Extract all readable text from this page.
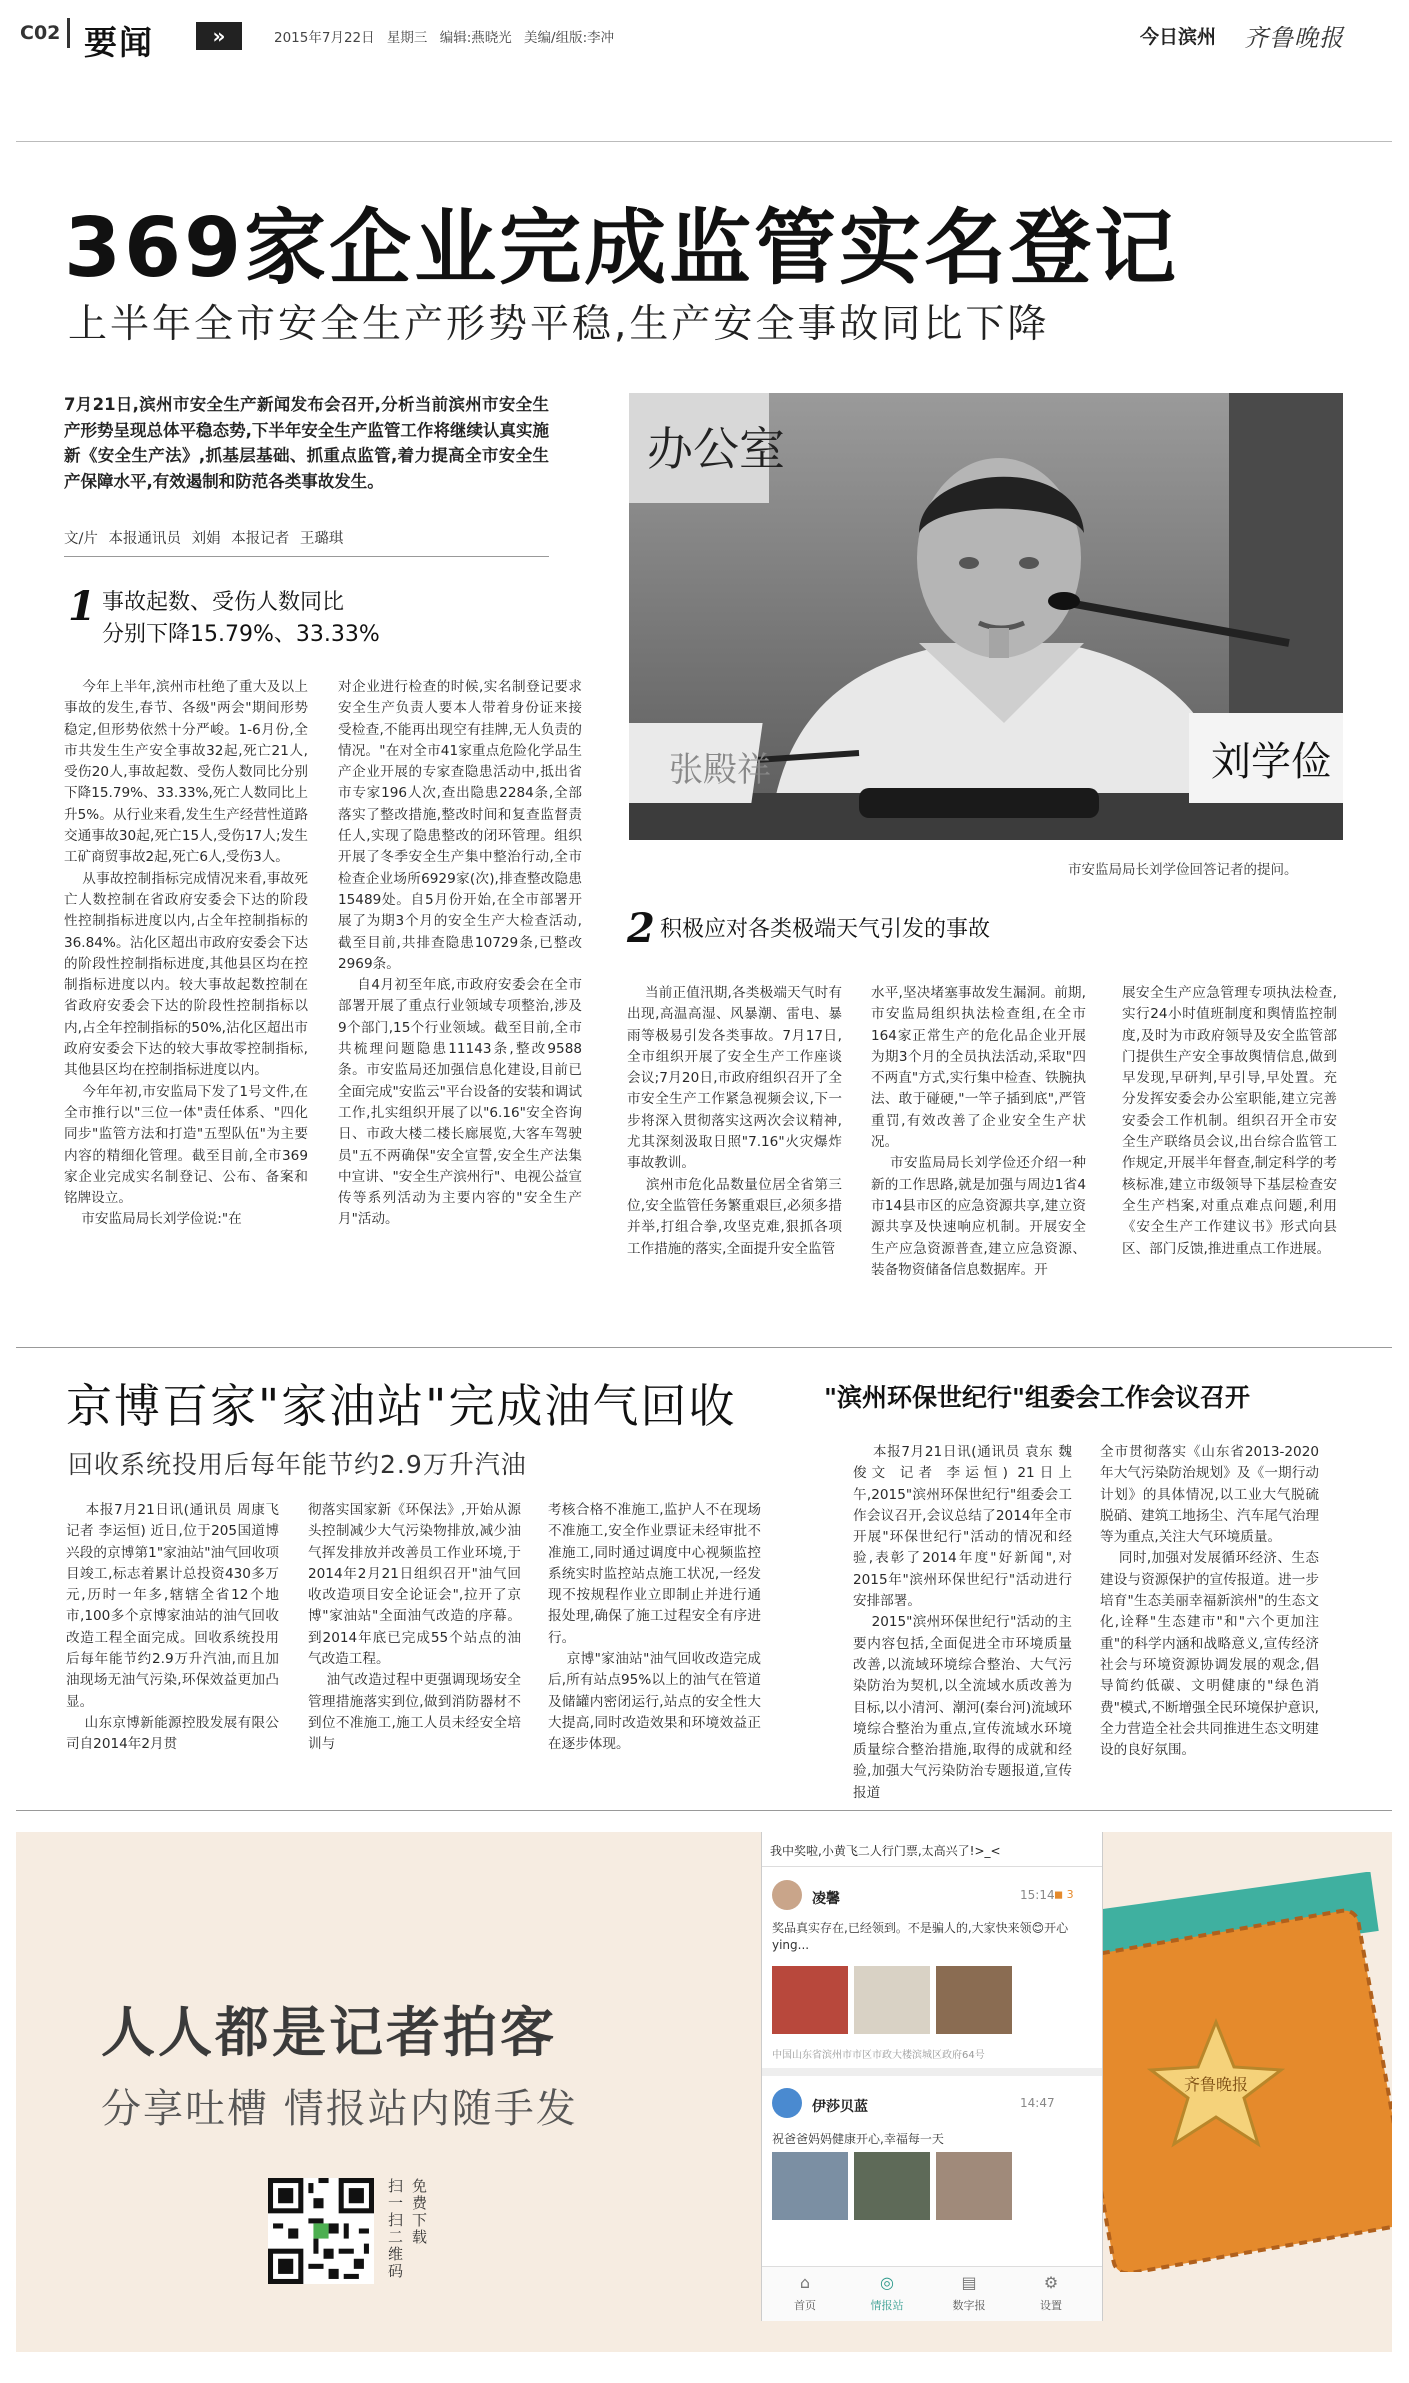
C02 要闻	»	2015年7月22日 星期三 编辑:燕晓光 美编/组版:李冲	今日滨州 齐鲁晚报
369家企业完成监管实名登记
上半年全市安全生产形势平稳,生产安全事故同比下降

7月21日,滨州市安全生产新闻发布会召开,分析当前滨州市安全生产形势呈现总体平稳态势,下半年安全生产监管工作将继续认真实施新《安全生产法》,抓基层基础、抓重点监管,着力提高全市安全生产保障水平,有效遏制和防范各类事故发生。

文/片 本报通讯员 刘娟 本报记者 王璐琪
1 事故起数、受伤人数同比
分别下降15.79%、33.33%

今年上半年,滨州市杜绝了重大及以上事故的发生,春节、各级"两会"期间形势稳定,但形势依然十分严峻。1-6月份,全市共发生生产安全事故32起,死亡21人,受伤20人,事故起数、受伤人数同比分别下降15.79%、33.33%,死亡人数同比上升5%。从行业来看,发生生产经营性道路交通事故30起,死亡15人,受伤17人;发生工矿商贸事故2起,死亡6人,受伤3人。
从事故控制指标完成情况来看,事故死亡人数控制在省政府安委会下达的阶段性控制指标进度以内,占全年控制指标的36.84%。沾化区超出市政府安委会下达的阶段性控制指标进度,其他县区均在控制指标进度以内。较大事故起数控制在省政府安委会下达的阶段性控制指标以内,占全年控制指标的50%,沾化区超出市政府安委会下达的较大事故零控制指标,其他县区均在控制指标进度以内。
今年年初,市安监局下发了1号文件,在全市推行以"三位一体"责任体系、"四化同步"监管方法和打造"五型队伍"为主要内容的精细化管理。截至目前,全市369家企业完成实名制登记、公布、备案和铭牌设立。
市安监局局长刘学俭说:"在

对企业进行检查的时候,实名制登记要求安全生产负责人要本人带着身份证来接受检查,不能再出现空有挂牌,无人负责的情况。"在对全市41家重点危险化学品生产企业开展的专家查隐患活动中,抵出省市专家196人次,查出隐患2284条,全部落实了整改措施,整改时间和复查监督责任人,实现了隐患整改的闭环管理。组织开展了冬季安全生产集中整治行动,全市检查企业场所6929家(次),排查整改隐患15489处。自5月份开始,在全市部署开展了为期3个月的安全生产大检查活动,截至目前,共排查隐患10729条,已整改2969条。
自4月初至年底,市政府安委会在全市部署开展了重点行业领域专项整治,涉及9个部门,15个行业领域。截至目前,全市共梳理问题隐患11143条,整改9588条。市安监局还加强信息化建设,目前已全面完成"安监云"平台设备的安装和调试工作,扎实组织开展了以"6.16"安全咨询日、市政大楼二楼长廊展览,大客车驾驶员"五不两确保"安全宣誓,安全生产法集中宣讲、"安全生产滨州行"、电视公益宣传等系列活动为主要内容的"安全生产月"活动。

办公室
张殿祥	刘学俭
市安监局局长刘学俭回答记者的提问。
2 积极应对各类极端天气引发的事故

当前正值汛期,各类极端天气时有出现,高温高湿、风暴潮、雷电、暴雨等极易引发各类事故。7月17日,全市组织开展了安全生产工作座谈会议;7月20日,市政府组织召开了全市安全生产工作紧急视频会议,下一步将深入贯彻落实这两次会议精神,尤其深刻汲取日照"7.16"火灾爆炸事故教训。
滨州市危化品数量位居全省第三位,安全监管任务繁重艰巨,必须多措并举,打组合拳,攻坚克难,狠抓各项工作措施的落实,全面提升安全监管

水平,坚决堵塞事故发生漏洞。前期,市安监局组织执法检查组,在全市164家正常生产的危化品企业开展为期3个月的全员执法活动,采取"四不两直"方式,实行集中检查、铁腕执法、敢于碰硬,"一竿子插到底",严管重罚,有效改善了企业安全生产状况。
市安监局局长刘学俭还介绍一种新的工作思路,就是加强与周边1省4市14县市区的应急资源共享,建立资源共享及快速响应机制。开展安全生产应急资源普查,建立应急资源、装备物资储备信息数据库。开

展安全生产应急管理专项执法检查,实行24小时值班制度和舆情监控制度,及时为市政府领导及安全监管部门提供生产安全事故舆情信息,做到早发现,早研判,早引导,早处置。充分发挥安委会办公室职能,建立完善安委会工作机制。组织召开全市安全生产联络员会议,出台综合监管工作规定,开展半年督查,制定科学的考核标准,建立市级领导下基层检查安全生产档案,对重点难点问题,利用《安全生产工作建议书》形式向县区、部门反馈,推进重点工作进展。

京博百家"家油站"完成油气回收
回收系统投用后每年能节约2.9万升汽油

本报7月21日讯(通讯员 周康飞 记者 李运恒) 近日,位于205国道博兴段的京博第1"家油站"油气回收项目竣工,标志着累计总投资430多万元,历时一年多,辖辖全省12个地市,100多个京博家油站的油气回收改造工程全面完成。回收系统投用后每年能节约2.9万升汽油,而且加油现场无油气污染,环保效益更加凸显。
山东京博新能源控股发展有限公司自2014年2月贯

彻落实国家新《环保法》,开始从源头控制减少大气污染物排放,减少油气挥发排放并改善员工作业环境,于2014年2月21日组织召开"油气回收改造项目安全论证会",拉开了京博"家油站"全面油气改造的序幕。到2014年底已完成55个站点的油气改造工程。
油气改造过程中更强调现场安全管理措施落实到位,做到消防器材不到位不准施工,施工人员未经安全培训与

考核合格不准施工,监护人不在现场不准施工,安全作业票证未经审批不准施工,同时通过调度中心视频监控系统实时监控站点施工状况,一经发现不按规程作业立即制止并进行通报处理,确保了施工过程安全有序进行。
京博"家油站"油气回收改造完成后,所有站点95%以上的油气在管道及储罐内密闭运行,站点的安全性大大提高,同时改造效果和环境效益正在逐步体现。

"滨州环保世纪行"组委会工作会议召开

本报7月21日讯(通讯员 袁东 魏俊文 记者 李运恒) 21日上午,2015"滨州环保世纪行"组委会工作会议召开,会议总结了2014年全市开展"环保世纪行"活动的情况和经验,表彰了2014年度"好新闻",对2015年"滨州环保世纪行"活动进行安排部署。
2015"滨州环保世纪行"活动的主要内容包括,全面促进全市环境质量改善,以流域环境综合整治、大气污染防治为契机,以全流域水质改善为目标,以小清河、潮河(秦台河)流域环境综合整治为重点,宣传流域水环境质量综合整治措施,取得的成就和经验,加强大气污染防治专题报道,宣传报道

全市贯彻落实《山东省2013-2020年大气污染防治规划》及《一期行动计划》的具体情况,以工业大气脱硫脱硝、建筑工地扬尘、汽车尾气治理等为重点,关注大气环境质量。
同时,加强对发展循环经济、生态建设与资源保护的宣传报道。进一步培育"生态美丽幸福新滨州"的生态文化,诠释"生态建市"和"六个更加注重"的科学内涵和战略意义,宣传经济社会与环境资源协调发展的观念,倡导简约低碳、文明健康的"绿色消费"模式,不断增强全民环境保护意识,全力营造全社会共同推进生态文明建设的良好氛围。

齐鲁晚报
我中奖啦,小黄飞二人行门票,太高兴了!>_<
凌馨	15:14 ◼ 3
奖品真实存在,已经领到。不是骗人的,大家快来领😊开心ying...
中国山东省滨州市市区市政大楼滨城区政府64号
伊莎贝蓝	14:47
祝爸爸妈妈健康开心,幸福每一天
⌂
首页
◎
情报站
▤
数字报
⚙
设置
扫一扫 二维码
免费下载
人人都是记者拍客
分享吐槽 情报站内随手发
